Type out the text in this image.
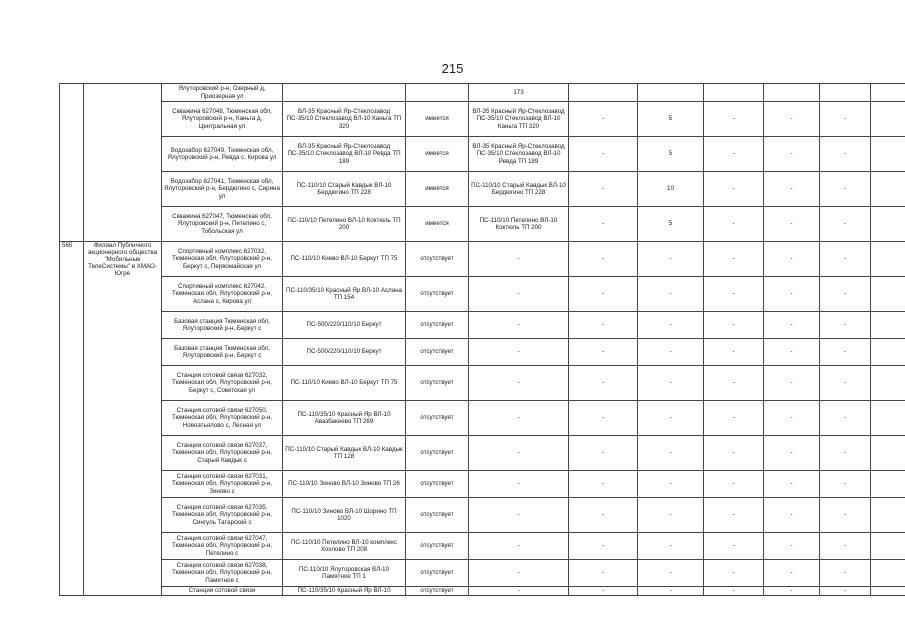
215
		Ялуторовский р-н, Озерный д, Приозерная ул			173						
		Скважина 627048, Тюменская обл, Ялуторовский р-н, Каньга д, Центральная ул	ВЛ-35 Красный Яр-Стеклозавод ПС-35/10 Стеклозавод ВЛ-10 Каньга ТП 320	имеется	ВЛ-35 Красный Яр-Стеклозавод ПС-35/10 Стеклозавод ВЛ-10 Каньга ТП 320	-	5	-	-	-	
		Водозабор 627049, Тюменская обл, Ялуторовский р-н, Ревда с, Кирова ул	ВЛ-35 Красный Яр-Стеклозавод ПС-35/10 Стеклозавод ВЛ-10 Ревда ТП 189	имеется	ВЛ-35 Красный Яр-Стеклозавод ПС-35/10 Стеклозавод ВЛ-10 Ревда ТП 189	-	5	-	-	-	
		Водозабор 627041, Тюменская обл, Ялуторовский р-н, Бердюгино с, Сирина ул	ПС-110/10 Старый Кавдык ВЛ-10 Бердюгино ТП 228	имеется	ПС-110/10 Старый Кавдык ВЛ-10 Бердюгино ТП 228	-	10	-	-	-	
		Скважина 627047, Тюменская обл, Ялуторовский р-н, Петелино с, Тобольская ул	ПС-110/10 Петелино ВЛ-10 Коктюль ТП 200	имеется	ПС-110/10 Петелино ВЛ-10 Коктюль ТП 200	-	5	-	-	-	
565	Филиал Публичного акционерного общества "Мобильные ТелеСистемы" в ХМАО-Югре	Спортивный комплекс 627032, Тюменская обл, Ялуторовский р-н, Беркут с, Первомайская ул	ПС-110/10 Киево ВЛ-10 Беркут ТП 75	отсутствует	-	-	-	-	-	-	
		Спортивный комплекс 627042, Тюменская обл, Ялуторовский р-н, Аслана с, Кирова ул	ПС-110/35/10 Красный Яр ВЛ-10 Аслана ТП 154	отсутствует	-	-	-	-	-	-	
		Базовая станция Тюменская обл, Ялуторовский р-н, Беркут с	ПС-500/220/110/10 Беркут	отсутствует	-	-	-	-	-	-	
		Базовая станция Тюменская обл, Ялуторовский р-н, Беркут с	ПС-500/220/110/10 Беркут	отсутствует	-	-	-	-	-	-	
		Станция сотовой связи 627032, Тюменская обл, Ялуторовский р-н, Беркут с, Советская ул	ПС-110/10 Киево ВЛ-10 Беркут ТП 75	отсутствует	-	-	-	-	-	-	
		Станция сотовой связи 627050, Тюменская обл, Ялуторовский р-н, Новоатьялово с, Лесная ул	ПС-110/35/10 Красный Яр ВЛ-10 Авазбакеево ТП 269	отсутствует	-	-	-	-	-	-	
		Станция сотовой связи 627037, Тюменская обл, Ялуторовский р-н, Старый Кавдык с	ПС-110/10 Старый Кавдык ВЛ-10 Кавдык ТП 128	отсутствует	-	-	-	-	-	-	
		Станция сотовой связи 627031, Тюменская обл, Ялуторовский р-н, Зиново с	ПС-110/10 Зиново ВЛ-10 Зиново ТП 26	отсутствует	-	-	-	-	-	-	
		Станция сотовой связи 627035, Тюменская обл, Ялуторовский р-н, Сингуль Татарский с	ПС-110/10 Зиново ВЛ-10 Шорино ТП 1020	отсутствует	-	-	-	-	-	-	
		Станция сотовой связи 627047, Тюменская обл, Ялуторовский р-н, Петелино с	ПС-110/10 Петелино ВЛ-10 комплекс Хохлово ТП 208	отсутствует	-	-	-	-	-	-	
		Станция сотовой связи 627038, Тюменская обл, Ялуторовский р-н, Памятное с	ПС-110/10 Ялуторовская ВЛ-10 Памятное ТП 1	отсутствует	-	-	-	-	-	-	
		Станция сотовой связи	ПС-110/35/10 Красный Яр ВЛ-10	отсутствует	-	-	-	-	-	-	
